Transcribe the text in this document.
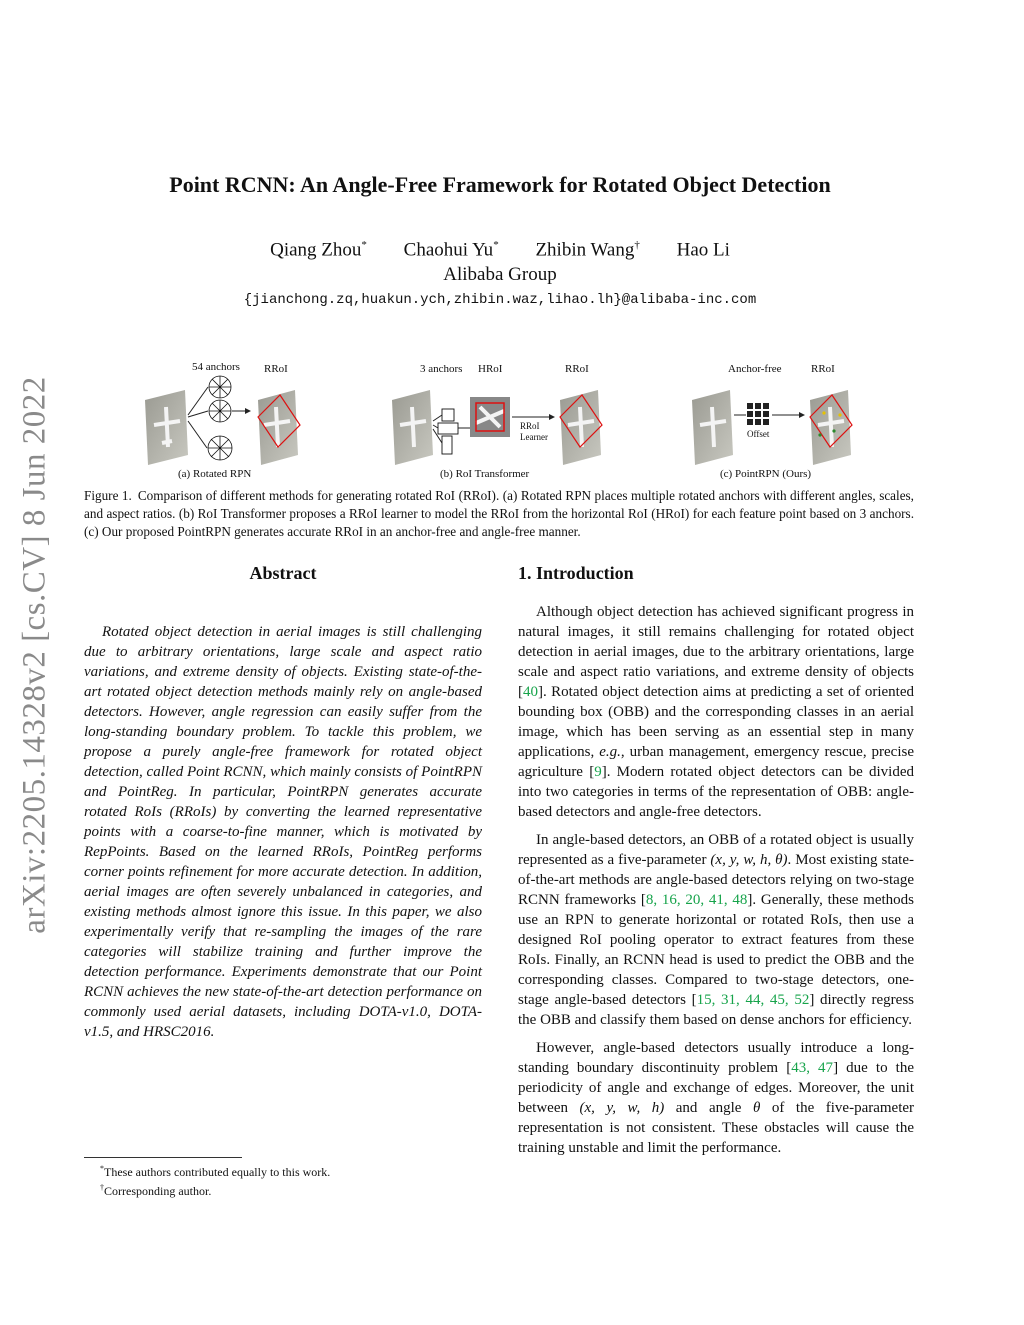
arXiv:2205.14328v2 [cs.CV] 8 Jun 2022
Point RCNN: An Angle-Free Framework for Rotated Object Detection
Qiang Zhou* Chaohui Yu* Zhibin Wang† Hao Li
Alibaba Group
{jianchong.zq,huakun.ych,zhibin.waz,lihao.lh}@alibaba-inc.com
54 anchors RRoI
(a) Rotated RPN
3 anchors HRoI	RRoI
RRoI
Learner
(b) RoI Transformer
Anchor-free	RRoI
Offset
(c) PointRPN (Ours)
Figure 1. Comparison of different methods for generating rotated RoI (RRoI). (a) Rotated RPN places multiple rotated anchors with different angles, scales, and aspect ratios. (b) RoI Transformer proposes a RRoI learner to model the RRoI from the horizontal RoI (HRoI) for each feature point based on 3 anchors. (c) Our proposed PointRPN generates accurate RRoI in an anchor-free and angle-free manner.
Abstract
Rotated object detection in aerial images is still challenging due to arbitrary orientations, large scale and aspect ratio variations, and extreme density of objects. Existing state-of-the-art rotated object detection methods mainly rely on angle-based detectors. However, angle regression can easily suffer from the long-standing boundary problem. To tackle this problem, we propose a purely angle-free framework for rotated object detection, called Point RCNN, which mainly consists of PointRPN and PointReg. In particular, PointRPN generates accurate rotated RoIs (RRoIs) by converting the learned representative points with a coarse-to-fine manner, which is motivated by RepPoints. Based on the learned RRoIs, PointReg performs corner points refinement for more accurate detection. In addition, aerial images are often severely unbalanced in categories, and existing methods almost ignore this issue. In this paper, we also experimentally verify that re-sampling the images of the rare categories will stabilize training and further improve the detection performance. Experiments demonstrate that our Point RCNN achieves the new state-of-the-art detection performance on commonly used aerial datasets, including DOTA-v1.0, DOTA-v1.5, and HRSC2016.
1. Introduction

Although object detection has achieved significant progress in natural images, it still remains challenging for rotated object detection in aerial images, due to the arbitrary orientations, large scale and aspect ratio variations, and extreme density of objects [40]. Rotated object detection aims at predicting a set of oriented bounding box (OBB) and the corresponding classes in an aerial image, which has been serving as an essential step in many applications, e.g., urban management, emergency rescue, precise agriculture [9]. Modern rotated object detectors can be divided into two categories in terms of the representation of OBB: angle-based detectors and angle-free detectors.

In angle-based detectors, an OBB of a rotated object is usually represented as a five-parameter (x, y, w, h, θ). Most existing state-of-the-art methods are angle-based detectors relying on two-stage RCNN frameworks [8, 16, 20, 41, 48]. Generally, these methods use an RPN to generate horizontal or rotated RoIs, then use a designed RoI pooling operator to extract features from these RoIs. Finally, an RCNN head is used to predict the OBB and the corresponding classes. Compared to two-stage detectors, one-stage angle-based detectors [15, 31, 44, 45, 52] directly regress the OBB and classify them based on dense anchors for efficiency.

However, angle-based detectors usually introduce a long-standing boundary discontinuity problem [43, 47] due to the periodicity of angle and exchange of edges. Moreover, the unit between (x, y, w, h) and angle θ of the five-parameter representation is not consistent. These obstacles will cause the training unstable and limit the performance.

*These authors contributed equally to this work.
†Corresponding author.
